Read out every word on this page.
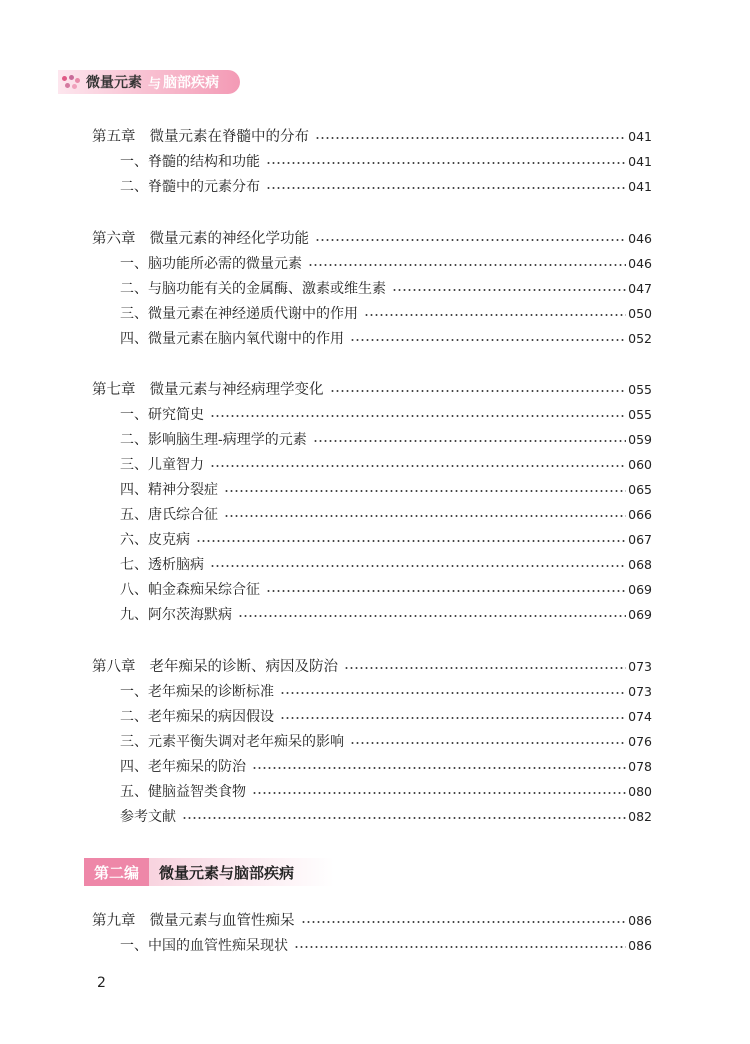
微量元素 与 脑部疾病
第五章 微量元素在脊髓中的分布	041
一、脊髓的结构和功能	041
二、脊髓中的元素分布	041
第六章 微量元素的神经化学功能	046
一、脑功能所必需的微量元素	046
二、与脑功能有关的金属酶、激素或维生素	047
三、微量元素在神经递质代谢中的作用	050
四、微量元素在脑内氧代谢中的作用	052
第七章 微量元素与神经病理学变化	055
一、研究简史	055
二、影响脑生理-病理学的元素	059
三、儿童智力	060
四、精神分裂症	065
五、唐氏综合征	066
六、皮克病	067
七、透析脑病	068
八、帕金森痴呆综合征	069
九、阿尔茨海默病	069
第八章 老年痴呆的诊断、病因及防治	073
一、老年痴呆的诊断标准	073
二、老年痴呆的病因假设	074
三、元素平衡失调对老年痴呆的影响	076
四、老年痴呆的防治	078
五、健脑益智类食物	080
参考文献	082
第二编	微量元素与脑部疾病
第九章 微量元素与血管性痴呆	086
一、中国的血管性痴呆现状	086
2
